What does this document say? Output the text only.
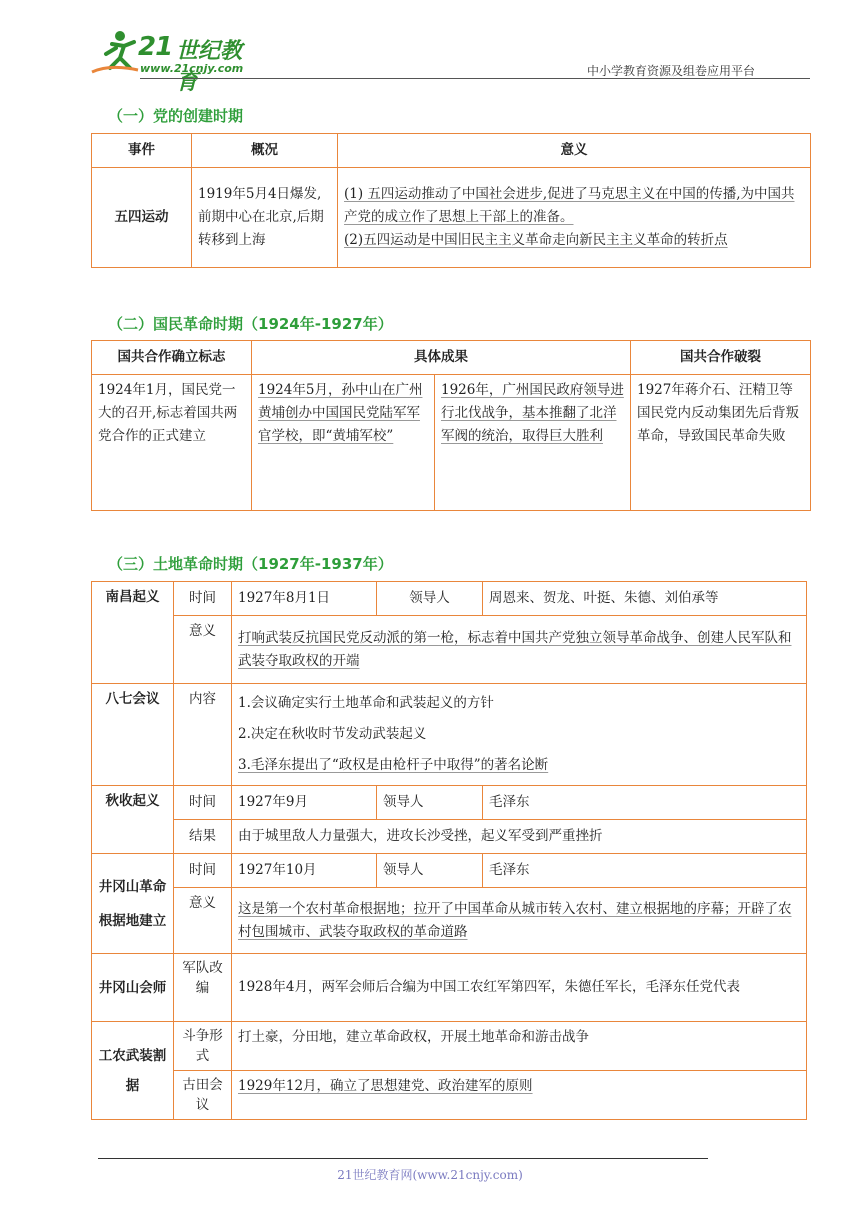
21 世纪教育
www.21cnjy.com	中小学教育资源及组卷应用平台
（一）党的创建时期
事件	概况	意义
五四运动	1919年5月4日爆发,前期中心在北京,后期转移到上海	(1) 五四运动推动了中国社会进步,促进了马克思主义在中国的传播,为中国共产党的成立作了思想上干部上的准备。
(2)五四运动是中国旧民主主义革命走向新民主主义革命的转折点
（二）国民革命时期（1924年-1927年）
国共合作确立标志	具体成果		国共合作破裂
1924年1月，国民党一大的召开,标志着国共两党合作的正式建立	1924年5月，孙中山在广州黄埔创办中国国民党陆军军官学校，即“黄埔军校”	1926年，广州国民政府领导进行北伐战争，基本推翻了北洋军阀的统治，取得巨大胜利	1927年蒋介石、汪精卫等国民党内反动集团先后背叛革命，导致国民革命失败
（三）土地革命时期（1927年-1937年）
南昌起义	时间	1927年8月1日	领导人	周恩来、贺龙、叶挺、朱德、刘伯承等
	意义	打响武装反抗国民党反动派的第一枪，标志着中国共产党独立领导革命战争、创建人民军队和武装夺取政权的开端		
八七会议	内容	1.会议确定实行土地革命和武装起义的方针
2.决定在秋收时节发动武装起义
3.毛泽东提出了“政权是由枪杆子中取得”的著名论断		

秋收起义	时间	1927年9月	领导人	毛泽东
	结果	由于城里敌人力量强大，进攻长沙受挫，起义军受到严重挫折		
井冈山革命根据地建立	时间	1927年10月	领导人	毛泽东
	意义	这是第一个农村革命根据地；拉开了中国革命从城市转入农村、建立根据地的序幕；开辟了农村包围城市、武装夺取政权的革命道路		
井冈山会师	军队改编	1928年4月，两军会师后合编为中国工农红军第四军，朱德任军长，毛泽东任党代表		
工农武装割据	斗争形式	打土豪，分田地，建立革命政权，开展土地革命和游击战争		
	古田会议	1929年12月，确立了思想建党、政治建军的原则		
21世纪教育网(www.21cnjy.com)
